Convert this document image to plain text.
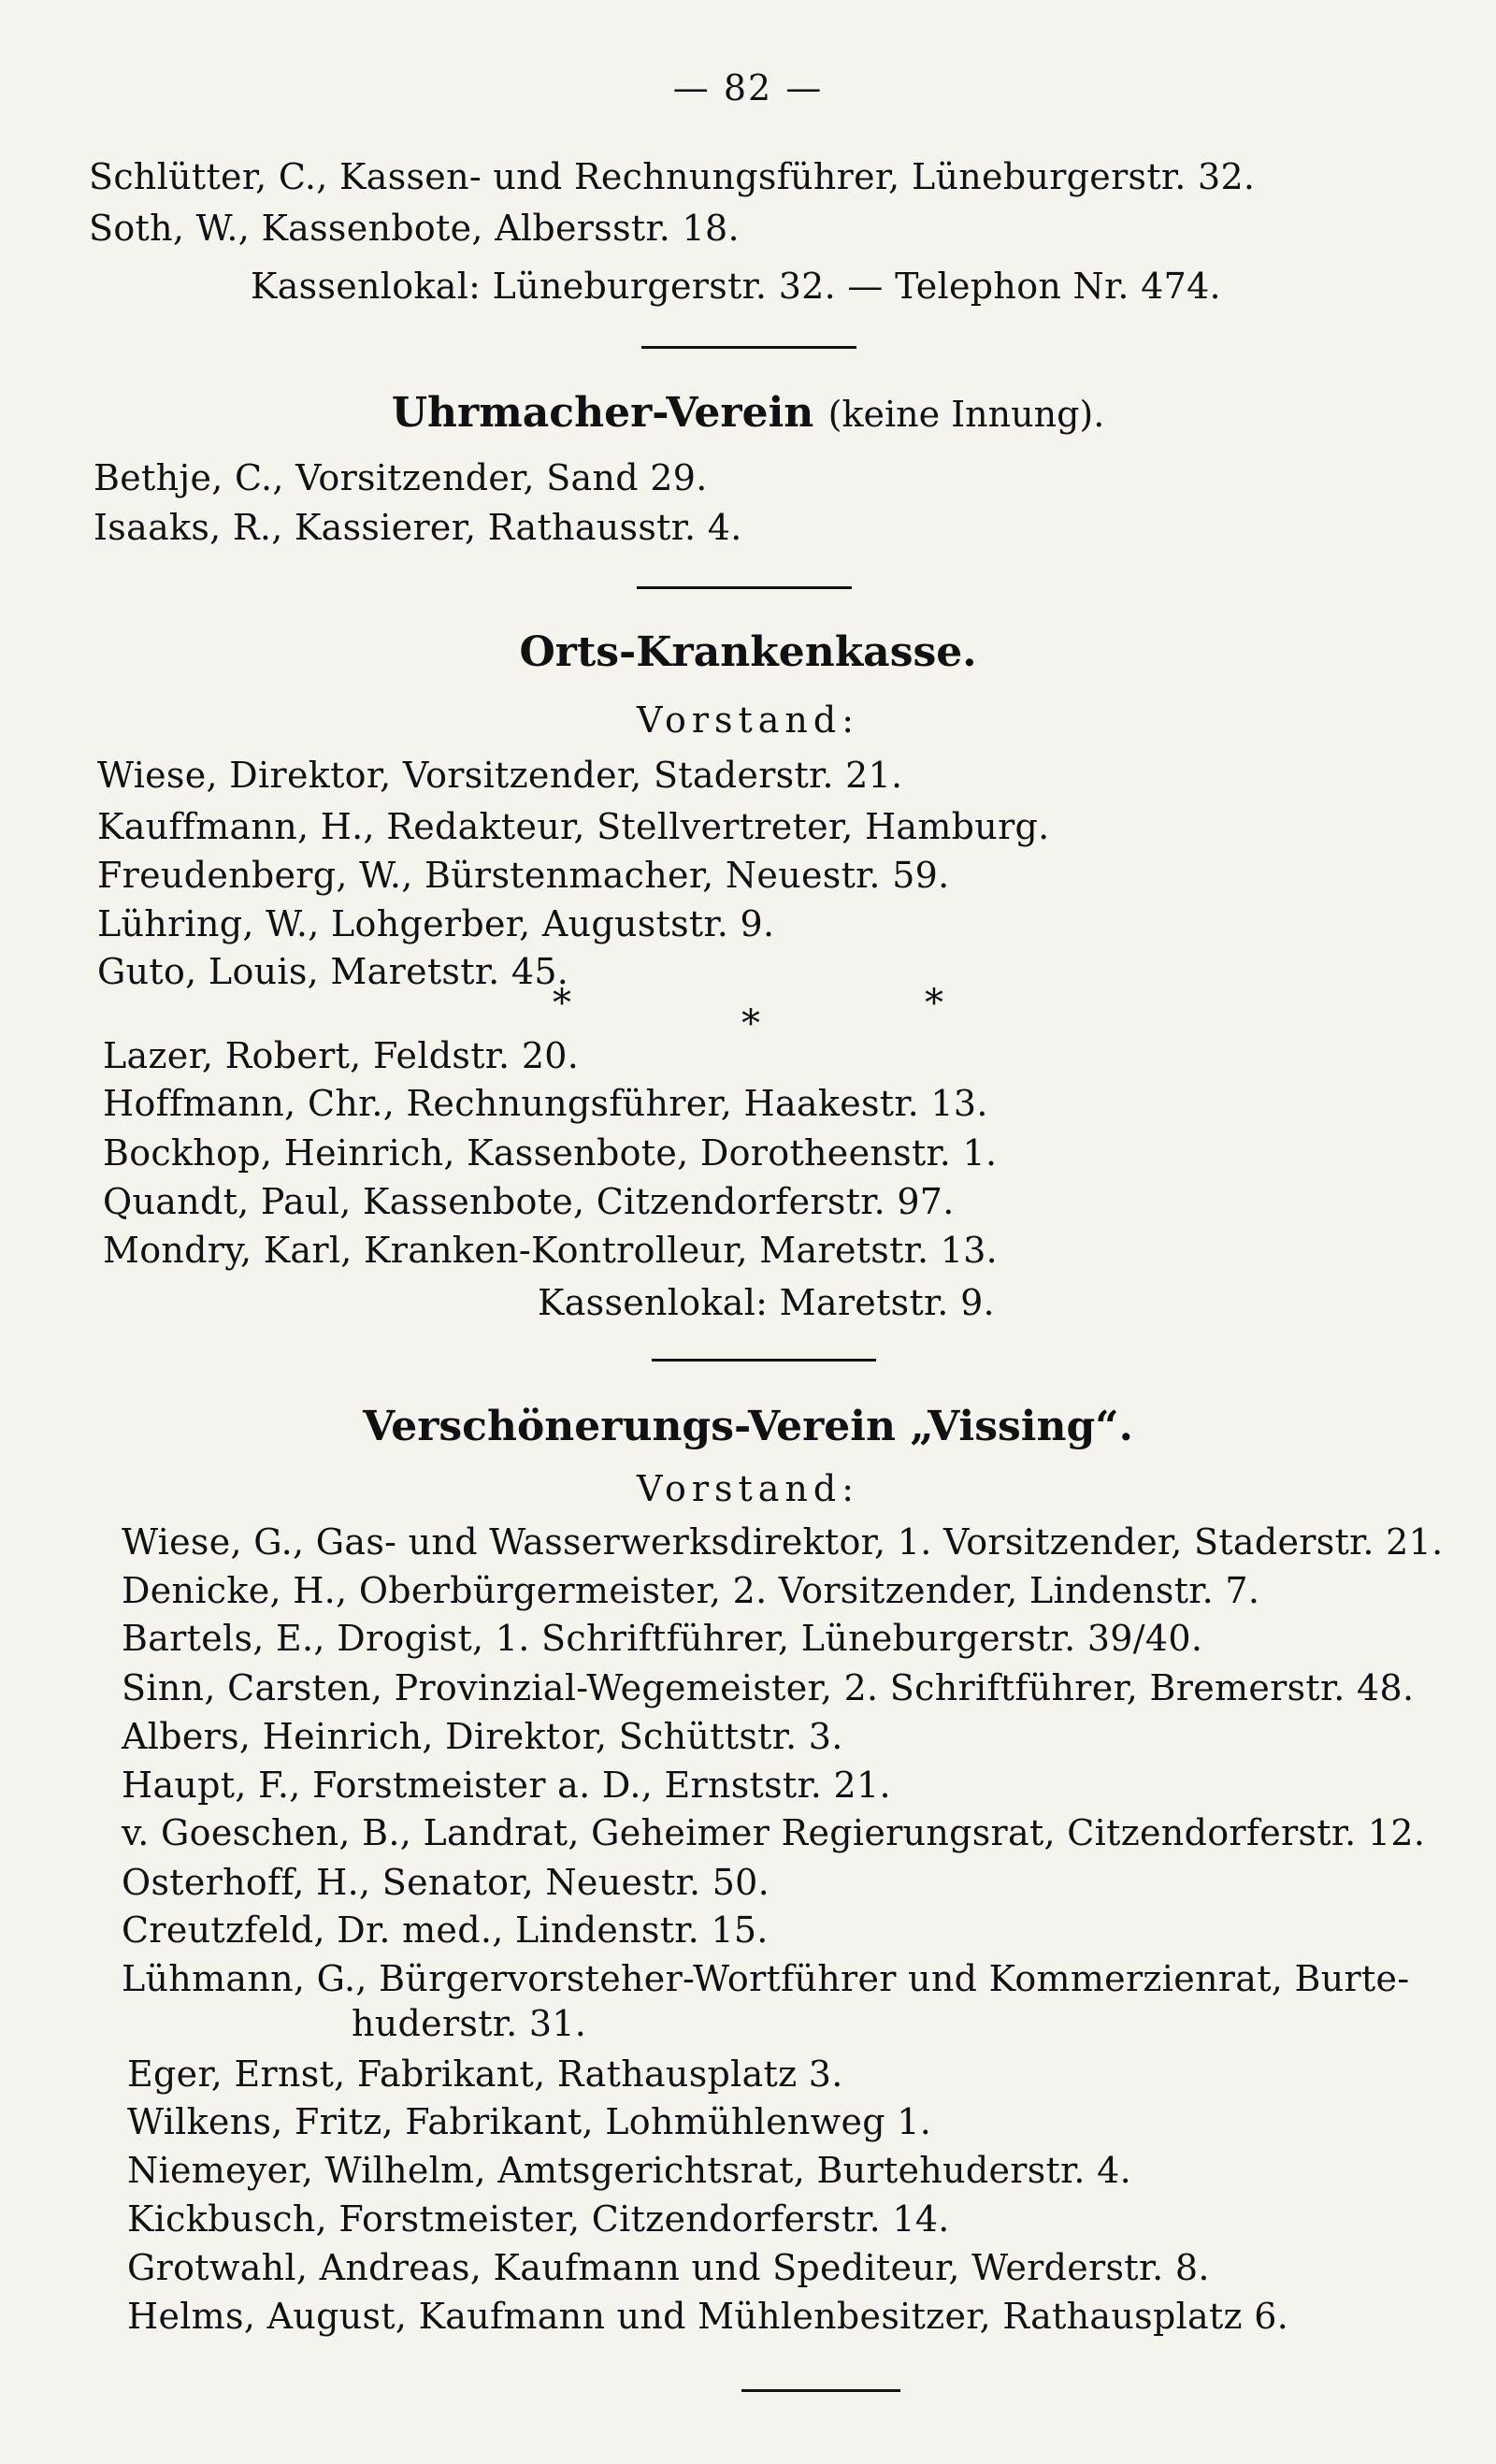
— 82 —
Schlütter, C., Kassen- und Rechnungsführer, Lüneburgerstr. 32.
Soth, W., Kassenbote, Albersstr. 18.
Kassenlokal: Lüneburgerstr. 32. — Telephon Nr. 474.
Uhrmacher-Verein (keine Innung).
Bethje, C., Vorsitzender, Sand 29.
Isaaks, R., Kassierer, Rathausstr. 4.
Orts-Krankenkasse.
Vorstand:
Wiese, Direktor, Vorsitzender, Staderstr. 21.
Kauffmann, H., Redakteur, Stellvertreter, Hamburg.
Freudenberg, W., Bürstenmacher, Neuestr. 59.
Lühring, W., Lohgerber, Auguststr. 9.
Guto, Louis, Maretstr. 45.
*	*	*
Lazer, Robert, Feldstr. 20.
Hoffmann, Chr., Rechnungsführer, Haakestr. 13.
Bockhop, Heinrich, Kassenbote, Dorotheenstr. 1.
Quandt, Paul, Kassenbote, Citzendorferstr. 97.
Mondry, Karl, Kranken-Kontrolleur, Maretstr. 13.
Kassenlokal: Maretstr. 9.
Verschönerungs-Verein „Vissing“.
Vorstand:
Wiese, G., Gas- und Wasserwerksdirektor, 1. Vorsitzender, Staderstr. 21.
Denicke, H., Oberbürgermeister, 2. Vorsitzender, Lindenstr. 7.
Bartels, E., Drogist, 1. Schriftführer, Lüneburgerstr. 39/40.
Sinn, Carsten, Provinzial-Wegemeister, 2. Schriftführer, Bremerstr. 48.
Albers, Heinrich, Direktor, Schüttstr. 3.
Haupt, F., Forstmeister a. D., Ernststr. 21.
v. Goeschen, B., Landrat, Geheimer Regierungsrat, Citzendorferstr. 12.
Osterhoff, H., Senator, Neuestr. 50.
Creutzfeld, Dr. med., Lindenstr. 15.
Lühmann, G., Bürgervorsteher-Wortführer und Kommerzienrat, Burte-
huderstr. 31.
Eger, Ernst, Fabrikant, Rathausplatz 3.
Wilkens, Fritz, Fabrikant, Lohmühlenweg 1.
Niemeyer, Wilhelm, Amtsgerichtsrat, Burtehuderstr. 4.
Kickbusch, Forstmeister, Citzendorferstr. 14.
Grotwahl, Andreas, Kaufmann und Spediteur, Werderstr. 8.
Helms, August, Kaufmann und Mühlenbesitzer, Rathausplatz 6.
